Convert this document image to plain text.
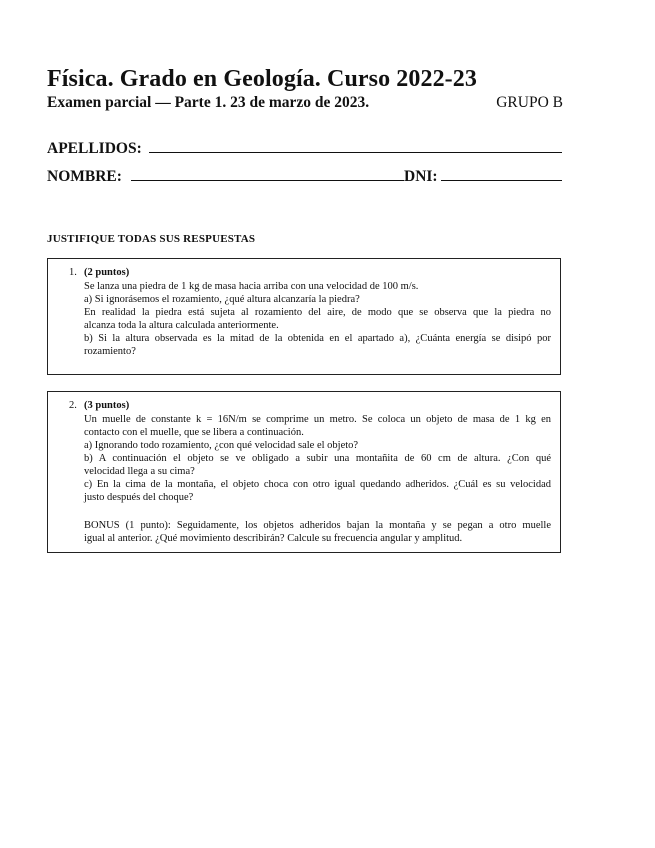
Física. Grado en Geología. Curso 2022-23
Examen parcial — Parte 1. 23 de marzo de 2023.	GRUPO B
APELLIDOS:
NOMBRE:	DNI:
JUSTIFIQUE TODAS SUS RESPUESTAS
1. (2 puntos)
Se lanza una piedra de 1 kg de masa hacia arriba con una velocidad de 100 m/s.
a) Si ignorásemos el rozamiento, ¿qué altura alcanzaría la piedra?
En realidad la piedra está sujeta al rozamiento del aire, de modo que se observa que la piedra no
alcanza toda la altura calculada anteriormente.
b) Si la altura observada es la mitad de la obtenida en el apartado a), ¿Cuánta energía se disipó por
rozamiento?
2. (3 puntos)
Un muelle de constante k = 16N/m se comprime un metro. Se coloca un objeto de masa de 1 kg en
contacto con el muelle, que se libera a continuación.
a) Ignorando todo rozamiento, ¿con qué velocidad sale el objeto?
b) A continuación el objeto se ve obligado a subir una montañita de 60 cm de altura. ¿Con qué
velocidad llega a su cima?
c) En la cima de la montaña, el objeto choca con otro igual quedando adheridos. ¿Cuál es su velocidad
justo después del choque?
BONUS (1 punto): Seguidamente, los objetos adheridos bajan la montaña y se pegan a otro muelle
igual al anterior. ¿Qué movimiento describirán? Calcule su frecuencia angular y amplitud.
